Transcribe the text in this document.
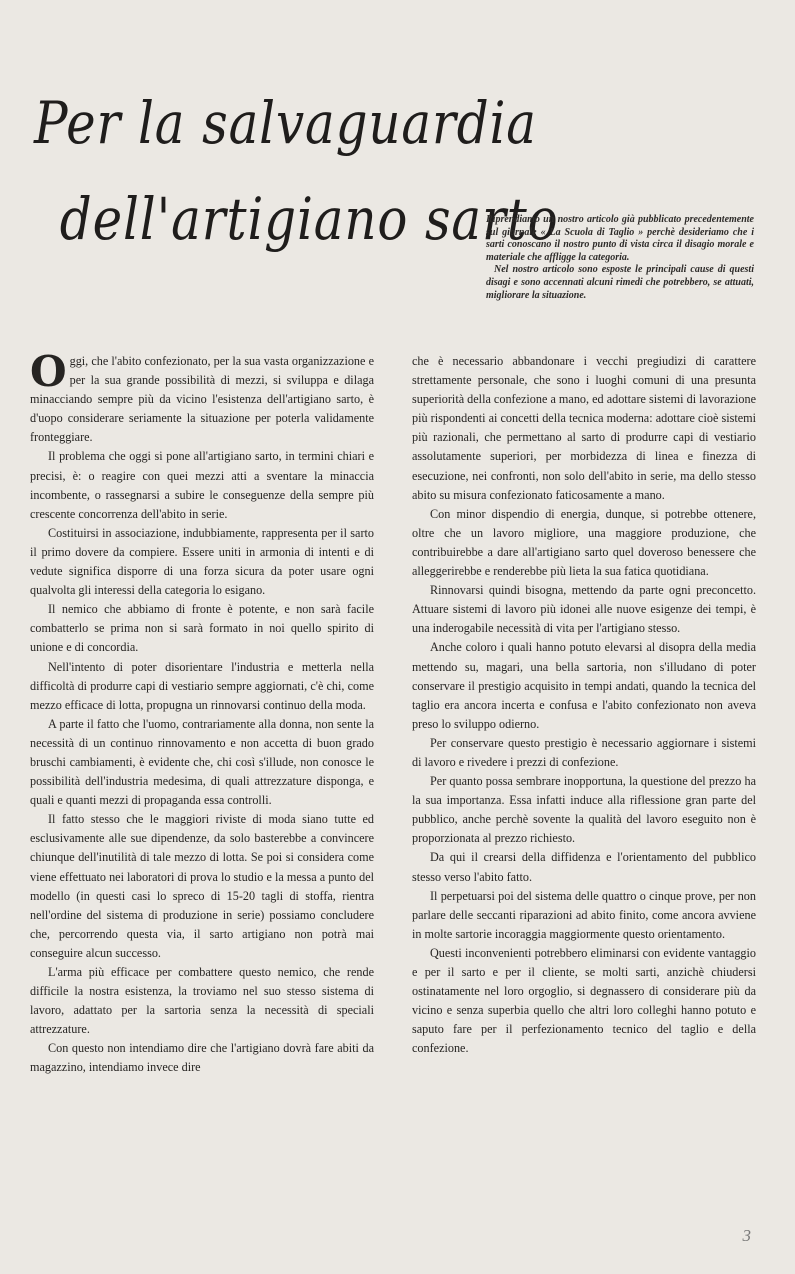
Per la salvaguardia

dell'artigiano sarto

Riprendiamo un nostro articolo già pubblicato precedentemente sul giornale « La Scuola di Taglio » perchè desideriamo che i sarti conoscano il nostro punto di vista circa il disagio morale e materiale che affligge la categoria.

Nel nostro articolo sono esposte le principali cause di questi disagi e sono accennati alcuni rimedi che potrebbero, se attuati, migliorare la situazione.

Oggi, che l'abito confezionato, per la sua vasta organizzazione e per la sua grande possibilità di mezzi, si sviluppa e dilaga minacciando sempre più da vicino l'esistenza dell'artigiano sarto, è d'uopo considerare seriamente la situazione per poterla validamente fronteggiare.

Il problema che oggi si pone all'artigiano sarto, in termini chiari e precisi, è: o reagire con quei mezzi atti a sventare la minaccia incombente, o rassegnarsi a subire le conseguenze della sempre più crescente concorrenza dell'abito in serie.

Costituirsi in associazione, indubbiamente, rappresenta per il sarto il primo dovere da compiere. Essere uniti in armonia di intenti e di vedute significa disporre di una forza sicura da poter usare ogni qualvolta gli interessi della categoria lo esigano.

Il nemico che abbiamo di fronte è potente, e non sarà facile combatterlo se prima non si sarà formato in noi quello spirito di unione e di concordia.

Nell'intento di poter disorientare l'industria e metterla nella difficoltà di produrre capi di vestiario sempre aggiornati, c'è chi, come mezzo efficace di lotta, propugna un rinnovarsi continuo della moda.

A parte il fatto che l'uomo, contrariamente alla donna, non sente la necessità di un continuo rinnovamento e non accetta di buon grado bruschi cambiamenti, è evidente che, chi così s'illude, non conosce le possibilità dell'industria medesima, di quali attrezzature disponga, e quali e quanti mezzi di propaganda essa controlli.

Il fatto stesso che le maggiori riviste di moda siano tutte ed esclusivamente alle sue dipendenze, da solo basterebbe a convincere chiunque dell'inutilità di tale mezzo di lotta. Se poi si considera come viene effettuato nei laboratori di prova lo studio e la messa a punto del modello (in questi casi lo spreco di 15-20 tagli di stoffa, rientra nell'ordine del sistema di produzione in serie) possiamo concludere che, percorrendo questa via, il sarto artigiano non potrà mai conseguire alcun successo.

L'arma più efficace per combattere questo nemico, che rende difficile la nostra esistenza, la troviamo nel suo stesso sistema di lavoro, adattato per la sartoria senza la necessità di speciali attrezzature.

Con questo non intendiamo dire che l'artigiano dovrà fare abiti da magazzino, intendiamo invece dire

che è necessario abbandonare i vecchi pregiudizi di carattere strettamente personale, che sono i luoghi comuni di una presunta superiorità della confezione a mano, ed adottare sistemi di lavorazione più rispondenti ai concetti della tecnica moderna: adottare cioè sistemi più razionali, che permettano al sarto di produrre capi di vestiario assolutamente superiori, per morbidezza di linea e finezza di esecuzione, nei confronti, non solo dell'abito in serie, ma dello stesso abito su misura confezionato faticosamente a mano.

Con minor dispendio di energia, dunque, si potrebbe ottenere, oltre che un lavoro migliore, una maggiore produzione, che contribuirebbe a dare all'artigiano sarto quel doveroso benessere che alleggerirebbe e renderebbe più lieta la sua fatica quotidiana.

Rinnovarsi quindi bisogna, mettendo da parte ogni preconcetto. Attuare sistemi di lavoro più idonei alle nuove esigenze dei tempi, è una inderogabile necessità di vita per l'artigiano stesso.

Anche coloro i quali hanno potuto elevarsi al disopra della media mettendo su, magari, una bella sartoria, non s'illudano di poter conservare il prestigio acquisito in tempi andati, quando la tecnica del taglio era ancora incerta e confusa e l'abito confezionato non aveva preso lo sviluppo odierno.

Per conservare questo prestigio è necessario aggiornare i sistemi di lavoro e rivedere i prezzi di confezione.

Per quanto possa sembrare inopportuna, la questione del prezzo ha la sua importanza. Essa infatti induce alla riflessione gran parte del pubblico, anche perchè sovente la qualità del lavoro eseguito non è proporzionata al prezzo richiesto.

Da qui il crearsi della diffidenza e l'orientamento del pubblico stesso verso l'abito fatto.

Il perpetuarsi poi del sistema delle quattro o cinque prove, per non parlare delle seccanti riparazioni ad abito finito, come ancora avviene in molte sartorie incoraggia maggiormente questo orientamento.

Questi inconvenienti potrebbero eliminarsi con evidente vantaggio e per il sarto e per il cliente, se molti sarti, anzichè chiudersi ostinatamente nel loro orgoglio, si degnassero di considerare più da vicino e senza superbia quello che altri loro colleghi hanno potuto e saputo fare per il perfezionamento tecnico del taglio e della confezione.

3
